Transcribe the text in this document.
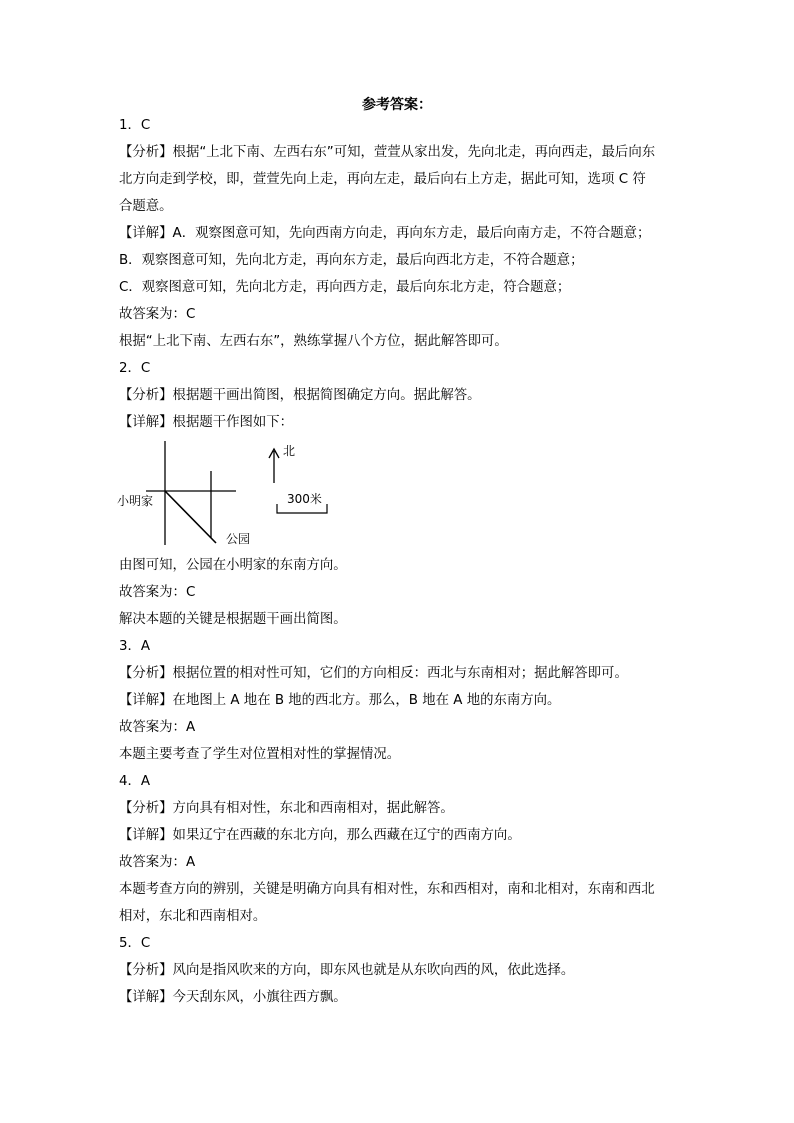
参考答案：
1．C
【分析】根据“上北下南、左西右东”可知，萱萱从家出发，先向北走，再向西走，最后向东
北方向走到学校，即，萱萱先向上走，再向左走，最后向右上方走，据此可知，选项 C 符
合题意。
【详解】A．观察图意可知，先向西南方向走，再向东方走，最后向南方走，不符合题意；
B．观察图意可知，先向北方走，再向东方走，最后向西北方走，不符合题意；
C．观察图意可知，先向北方走，再向西方走，最后向东北方走，符合题意；
故答案为：C
根据“上北下南、左西右东”，熟练掌握八个方位，据此解答即可。
2．C
【分析】根据题干画出简图，根据简图确定方向。据此解答。
【详解】根据题干作图如下：
小明家
公园
北
300米
由图可知，公园在小明家的东南方向。
故答案为：C
解决本题的关键是根据题干画出简图。
3．A
【分析】根据位置的相对性可知，它们的方向相反：西北与东南相对；据此解答即可。
【详解】在地图上 A 地在 B 地的西北方。那么，B 地在 A 地的东南方向。
故答案为：A
本题主要考查了学生对位置相对性的掌握情况。
4．A
【分析】方向具有相对性，东北和西南相对，据此解答。
【详解】如果辽宁在西藏的东北方向，那么西藏在辽宁的西南方向。
故答案为：A
本题考查方向的辨别，关键是明确方向具有相对性，东和西相对，南和北相对，东南和西北
相对，东北和西南相对。
5．C
【分析】风向是指风吹来的方向，即东风也就是从东吹向西的风，依此选择。
【详解】今天刮东风，小旗往西方飘。
